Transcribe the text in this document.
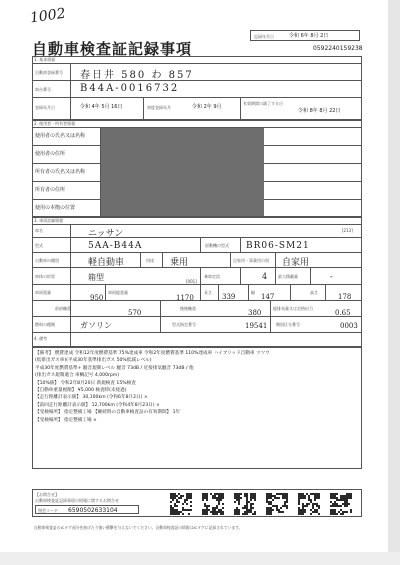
1002
自動車検査証記録事項
記録年月日	令和 6年 8月 2日
0592240159238
1. 基本情報
自動車登録番号 春日井 580 わ 857
車台番号	B44A-0016732
登録年月日	令和 4年 5月 16日	初度登録年月	令和 2年 9月
有効期間の満了する日
令和 8年 8月 22日
2. 使用者・所有者情報
使用者の氏名又は名称
使用者の住所
所有者の氏名又は名称
所有者の住所
使用の本拠の位置
3. 車両詳細情報
車名	ニッサン	[213]
型式	5AA-B44A	原動機の型式 BR06-SM21
自動車の種別	軽自動車	用途 乗用	自家用・事業用の別 自家用
車体の形状	箱型	[001]
乗車定員	4	最大積載量	-
車両重量
950
車両総重量
1170
長さ
339
幅
147
高さ
178
前前軸重
570
後後軸重
380
総排気量又は定格出力
0.65
燃料の種類	ガソリン	型式指定番号	19541 類別区分番号	0003
4. 備考
【備考】 燃費達成 令和12年度燃費基準 75%達成車 令和2年度燃費基準 110%達成車 ハイブリッド自動車 ツツウ
(低排出ガス車)(平成30年基準排出ガス 50%低減レベル)
平成30年度燃費基準+ 騒音規制レベル 騒音 73dB / 近接排気騒音 73dB / 他
(排出ガス規制適合 車輌記号 4,000rpm)
【10%値】 令和2年8月20日 新規検査 15%検査
【自動車重量税額】 ¥5,000 検査時(未経過)
【走行距離計表示値】 30,100km (令和6年8月2日) ×
【前回走行距離計表示値】 12,700km (令和4年8月23日) ×
【受検場所】 指定整備工場 【継続時の自動車検査証の有効期間】 1年
【受検場所】 指定整備工場 ×
【お問合せ】
自動車検査証記録事項の情報に関するお問合せ
照会コード 6590502633104
自動車検査証のICタグ部分を曲げたり強い衝撃を与えないでください。自動車検査証の情報はICタグに記録されています。
